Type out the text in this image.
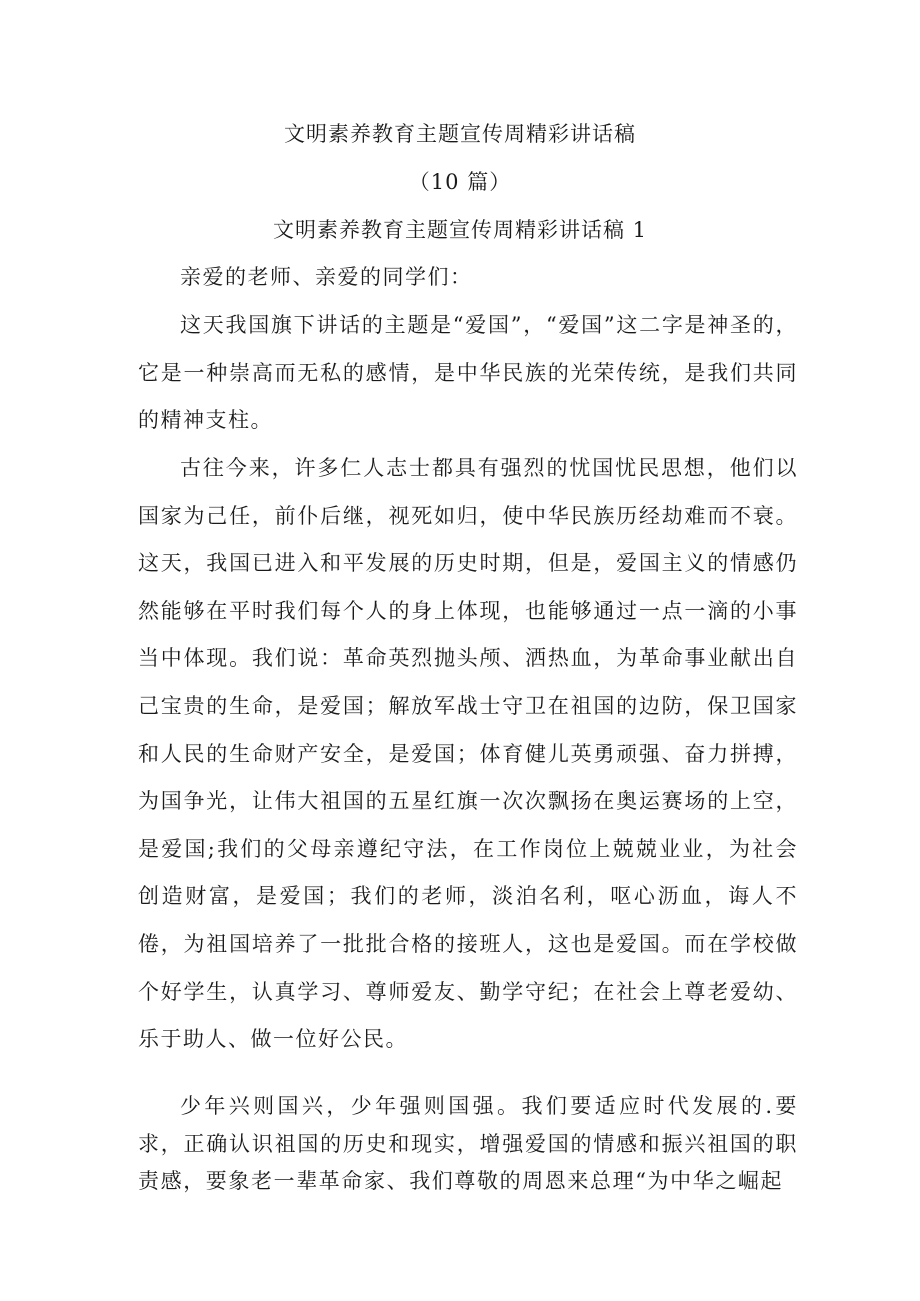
文明素养教育主题宣传周精彩讲话稿
（10 篇）
文明素养教育主题宣传周精彩讲话稿 1

亲爱的老师、亲爱的同学们：

这天我国旗下讲话的主题是“爱国”，“爱国”这二字是神圣的，它是一种崇高而无私的感情，是中华民族的光荣传统，是我们共同的精神支柱。

古往今来，许多仁人志士都具有强烈的忧国忧民思想，他们以国家为己任，前仆后继，视死如归，使中华民族历经劫难而不衰。这天，我国已进入和平发展的历史时期，但是，爱国主义的情感仍然能够在平时我们每个人的身上体现，也能够通过一点一滴的小事当中体现。我们说：革命英烈抛头颅、洒热血，为革命事业献出自己宝贵的生命，是爱国；解放军战士守卫在祖国的边防，保卫国家和人民的生命财产安全，是爱国；体育健儿英勇顽强、奋力拼搏，为国争光，让伟大祖国的五星红旗一次次飘扬在奥运赛场的上空，是爱国;我们的父母亲遵纪守法，在工作岗位上兢兢业业，为社会创造财富，是爱国；我们的老师，淡泊名利，呕心沥血，诲人不倦，为祖国培养了一批批合格的接班人，这也是爱国。而在学校做个好学生，认真学习、尊师爱友、勤学守纪；在社会上尊老爱幼、乐于助人、做一位好公民。

少年兴则国兴，少年强则国强。我们要适应时代发展的.要求，正确认识祖国的历史和现实，增强爱国的情感和振兴祖国的职责感，要象老一辈革命家、我们尊敬的周恩来总理“为中华之崛起
